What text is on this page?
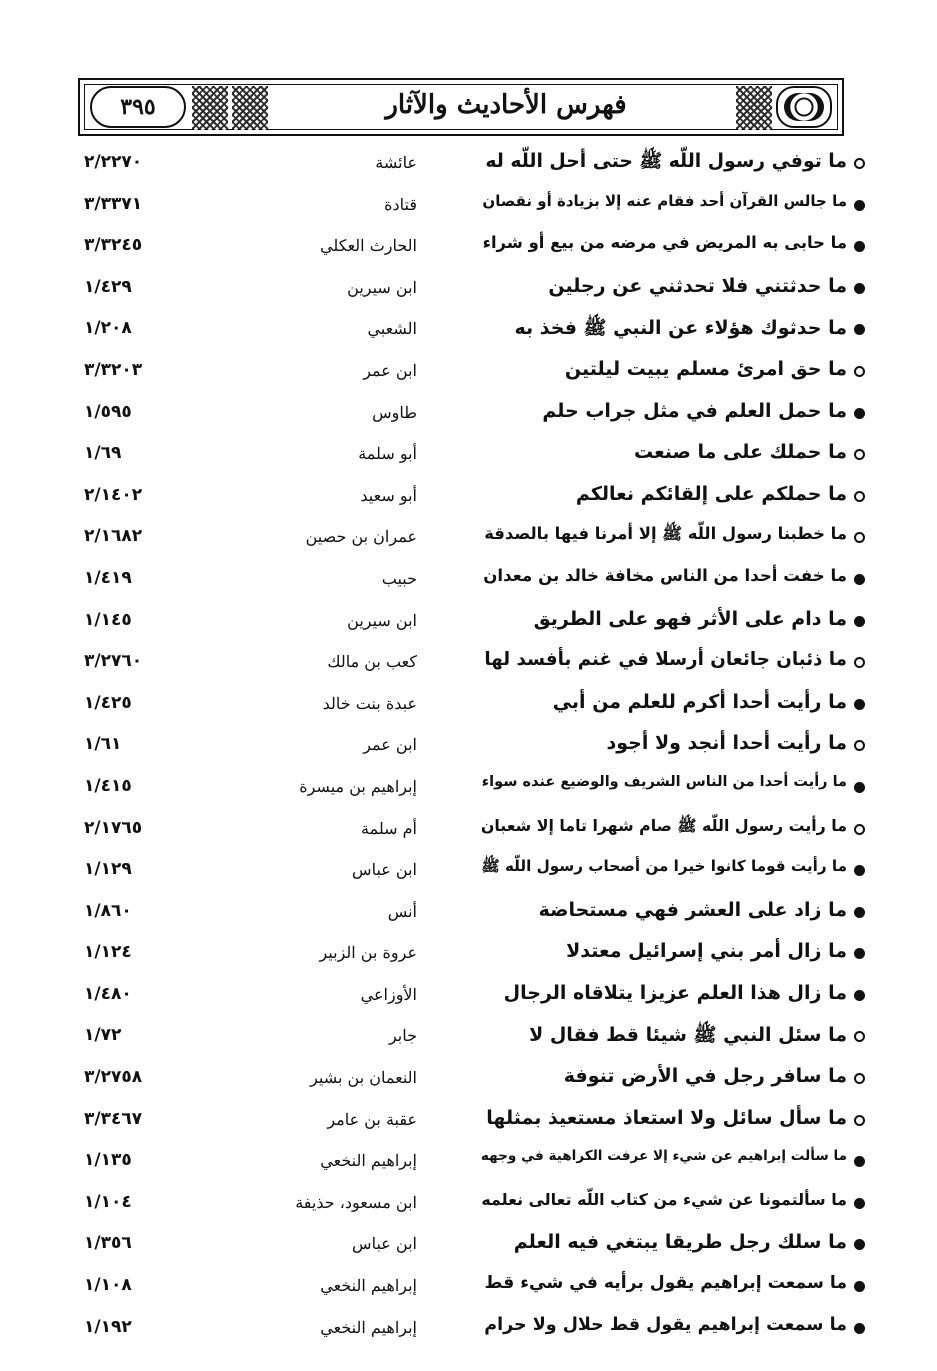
٣٩٥	فهرس الأحاديث والآثار
ما توفي رسول اللّه ﷺ حتى أحل اللّه له
عائشة
٢/٢٢٧٠
ما جالس القرآن أحد فقام عنه إلا بزيادة أو نقصان
قتادة
٣/٣٣٧١
ما حابى به المريض في مرضه من بيع أو شراء
الحارث العكلي
٣/٣٢٤٥
ما حدثتني فلا تحدثني عن رجلين
ابن سيرين
١/٤٢٩
ما حدثوك هؤلاء عن النبي ﷺ فخذ به
الشعبي
١/٢٠٨
ما حق امرئ مسلم يبيت ليلتين
ابن عمر
٣/٣٢٠٣
ما حمل العلم في مثل جراب حلم
طاوس
١/٥٩٥
ما حملك على ما صنعت
أبو سلمة
١/٦٩
ما حملكم على إلقائكم نعالكم
أبو سعيد
٢/١٤٠٢
ما خطبنا رسول اللّه ﷺ إلا أمرنا فيها بالصدقة
عمران بن حصين
٢/١٦٨٢
ما خفت أحدا من الناس مخافة خالد بن معدان
حبيب
١/٤١٩
ما دام على الأثر فهو على الطريق
ابن سيرين
١/١٤٥
ما ذئبان جائعان أرسلا في غنم بأفسد لها
كعب بن مالك
٣/٢٧٦٠
ما رأيت أحدا أكرم للعلم من أبي
عبدة بنت خالد
١/٤٢٥
ما رأيت أحدا أنجد ولا أجود
ابن عمر
١/٦١
ما رأيت أحدا من الناس الشريف والوضيع عنده سواء
إبراهيم بن ميسرة
١/٤١٥
ما رأيت رسول اللّه ﷺ صام شهرا تاما إلا شعبان
أم سلمة
٢/١٧٦٥
ما رأيت قوما كانوا خيرا من أصحاب رسول اللّه ﷺ
ابن عباس
١/١٢٩
ما زاد على العشر فهي مستحاضة
أنس
١/٨٦٠
ما زال أمر بني إسرائيل معتدلا
عروة بن الزبير
١/١٢٤
ما زال هذا العلم عزيزا يتلاقاه الرجال
الأوزاعي
١/٤٨٠
ما سئل النبي ﷺ شيئا قط فقال لا
جابر
١/٧٢
ما سافر رجل في الأرض تنوفة
النعمان بن بشير
٣/٢٧٥٨
ما سأل سائل ولا استعاذ مستعيذ بمثلها
عقبة بن عامر
٣/٣٤٦٧
ما سألت إبراهيم عن شيء إلا عرفت الكراهية في وجهه
إبراهيم النخعي
١/١٣٥
ما سألتمونا عن شيء من كتاب اللّه تعالى نعلمه
ابن مسعود، حذيفة
١/١٠٤
ما سلك رجل طريقا يبتغي فيه العلم
ابن عباس
١/٣٥٦
ما سمعت إبراهيم يقول برأيه في شيء قط
إبراهيم النخعي
١/١٠٨
ما سمعت إبراهيم يقول قط حلال ولا حرام
إبراهيم النخعي
١/١٩٢
